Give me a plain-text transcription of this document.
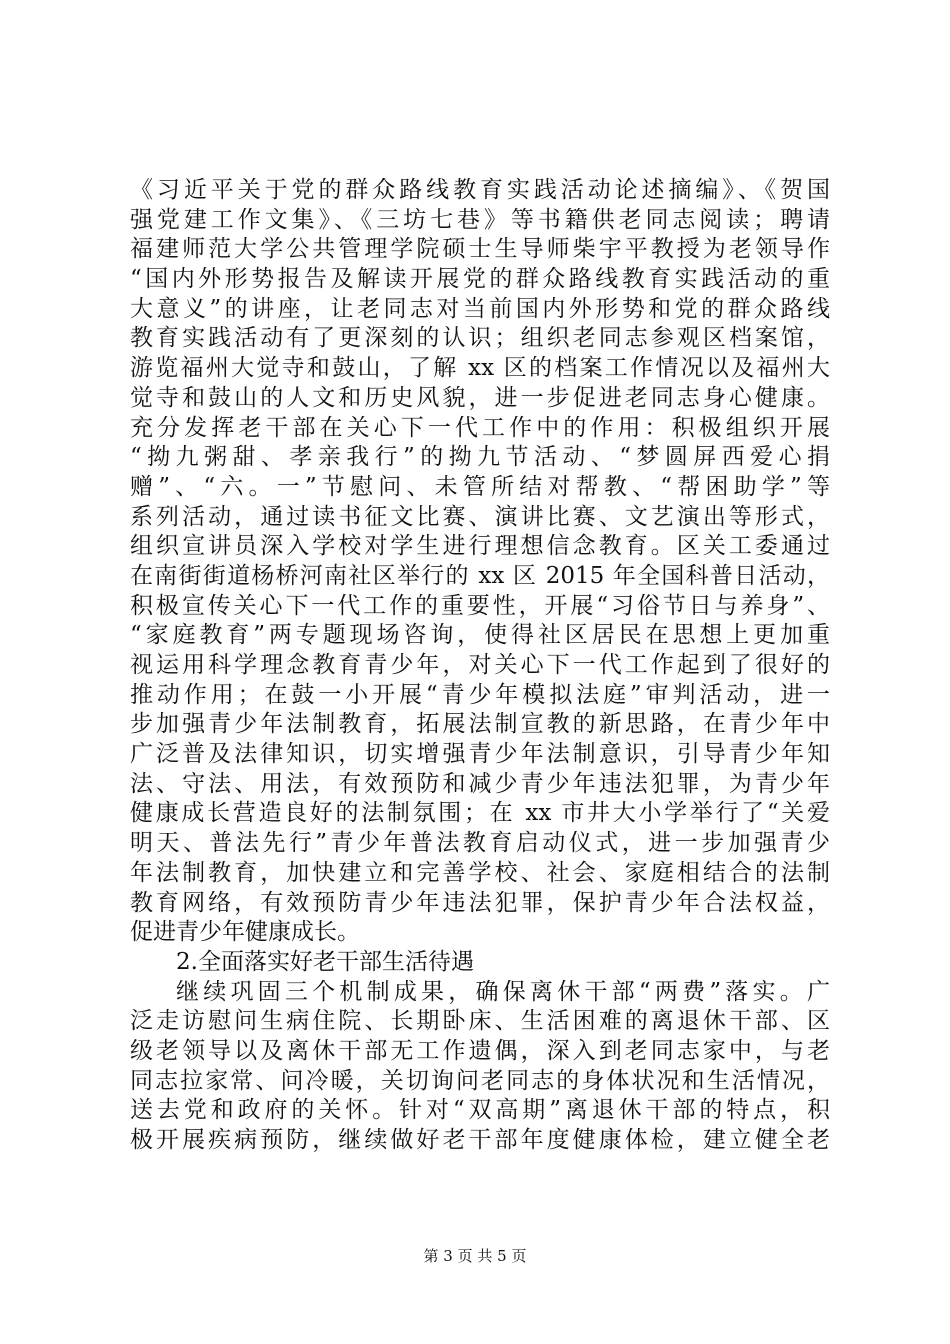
《习近平关于党的群众路线教育实践活动论述摘编》、《贺国
强党建工作文集》、《三坊七巷》等书籍供老同志阅读；聘请
福建师范大学公共管理学院硕士生导师柴宇平教授为老领导作
“国内外形势报告及解读开展党的群众路线教育实践活动的重
大意义”的讲座，让老同志对当前国内外形势和党的群众路线
教育实践活动有了更深刻的认识；组织老同志参观区档案馆，
游览福州大觉寺和鼓山，了解 xx 区的档案工作情况以及福州大
觉寺和鼓山的人文和历史风貌，进一步促进老同志身心健康。
充分发挥老干部在关心下一代工作中的作用：积极组织开展
“拗九粥甜、孝亲我行”的拗九节活动、“梦圆屏西爱心捐
赠”、“六。一”节慰问、未管所结对帮教、“帮困助学”等
系列活动，通过读书征文比赛、演讲比赛、文艺演出等形式，
组织宣讲员深入学校对学生进行理想信念教育。区关工委通过
在南街街道杨桥河南社区举行的 xx 区 2015 年全国科普日活动，
积极宣传关心下一代工作的重要性，开展“习俗节日与养身”、
“家庭教育”两专题现场咨询，使得社区居民在思想上更加重
视运用科学理念教育青少年，对关心下一代工作起到了很好的
推动作用；在鼓一小开展“青少年模拟法庭”审判活动，进一
步加强青少年法制教育，拓展法制宣教的新思路，在青少年中
广泛普及法律知识，切实增强青少年法制意识，引导青少年知
法、守法、用法，有效预防和减少青少年违法犯罪，为青少年
健康成长营造良好的法制氛围；在 xx 市井大小学举行了“关爱
明天、普法先行”青少年普法教育启动仪式，进一步加强青少
年法制教育，加快建立和完善学校、社会、家庭相结合的法制
教育网络，有效预防青少年违法犯罪，保护青少年合法权益，
促进青少年健康成长。
2.全面落实好老干部生活待遇
继续巩固三个机制成果，确保离休干部“两费”落实。广
泛走访慰问生病住院、长期卧床、生活困难的离退休干部、区
级老领导以及离休干部无工作遗偶，深入到老同志家中，与老
同志拉家常、问冷暖，关切询问老同志的身体状况和生活情况，
送去党和政府的关怀。针对“双高期”离退休干部的特点，积
极开展疾病预防，继续做好老干部年度健康体检，建立健全老
第 3 页 共 5 页
